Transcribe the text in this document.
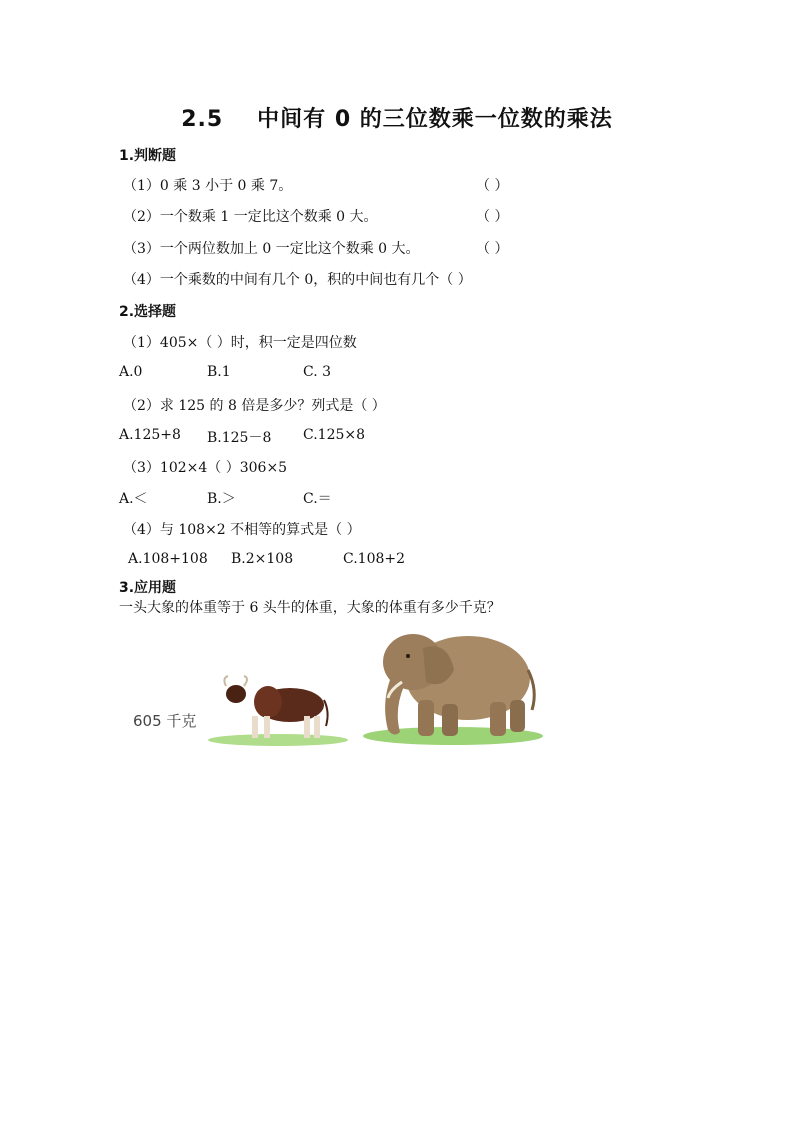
2.5 中间有 0 的三位数乘一位数的乘法
1.判断题
（1）0 乘 3 小于 0 乘 7。	（ ）
（2）一个数乘 1 一定比这个数乘 0 大。	（ ）
（3）一个两位数加上 0 一定比这个数乘 0 大。	（ ）
（4）一个乘数的中间有几个 0，积的中间也有几个（ ）
2.选择题
（1）405×（ ）时，积一定是四位数
A.0	B.1	C. 3
（2）求 125 的 8 倍是多少？列式是（ ）
A.125+8 B.125－8 C.125×8
（3）102×4（ ）306×5
A.＜	B.＞	C.＝
（4）与 108×2 不相等的算式是（ ）
A.108+108 B.2×108	C.108+2
3.应用题
一头大象的体重等于 6 头牛的体重，大象的体重有多少千克？
605 千克
